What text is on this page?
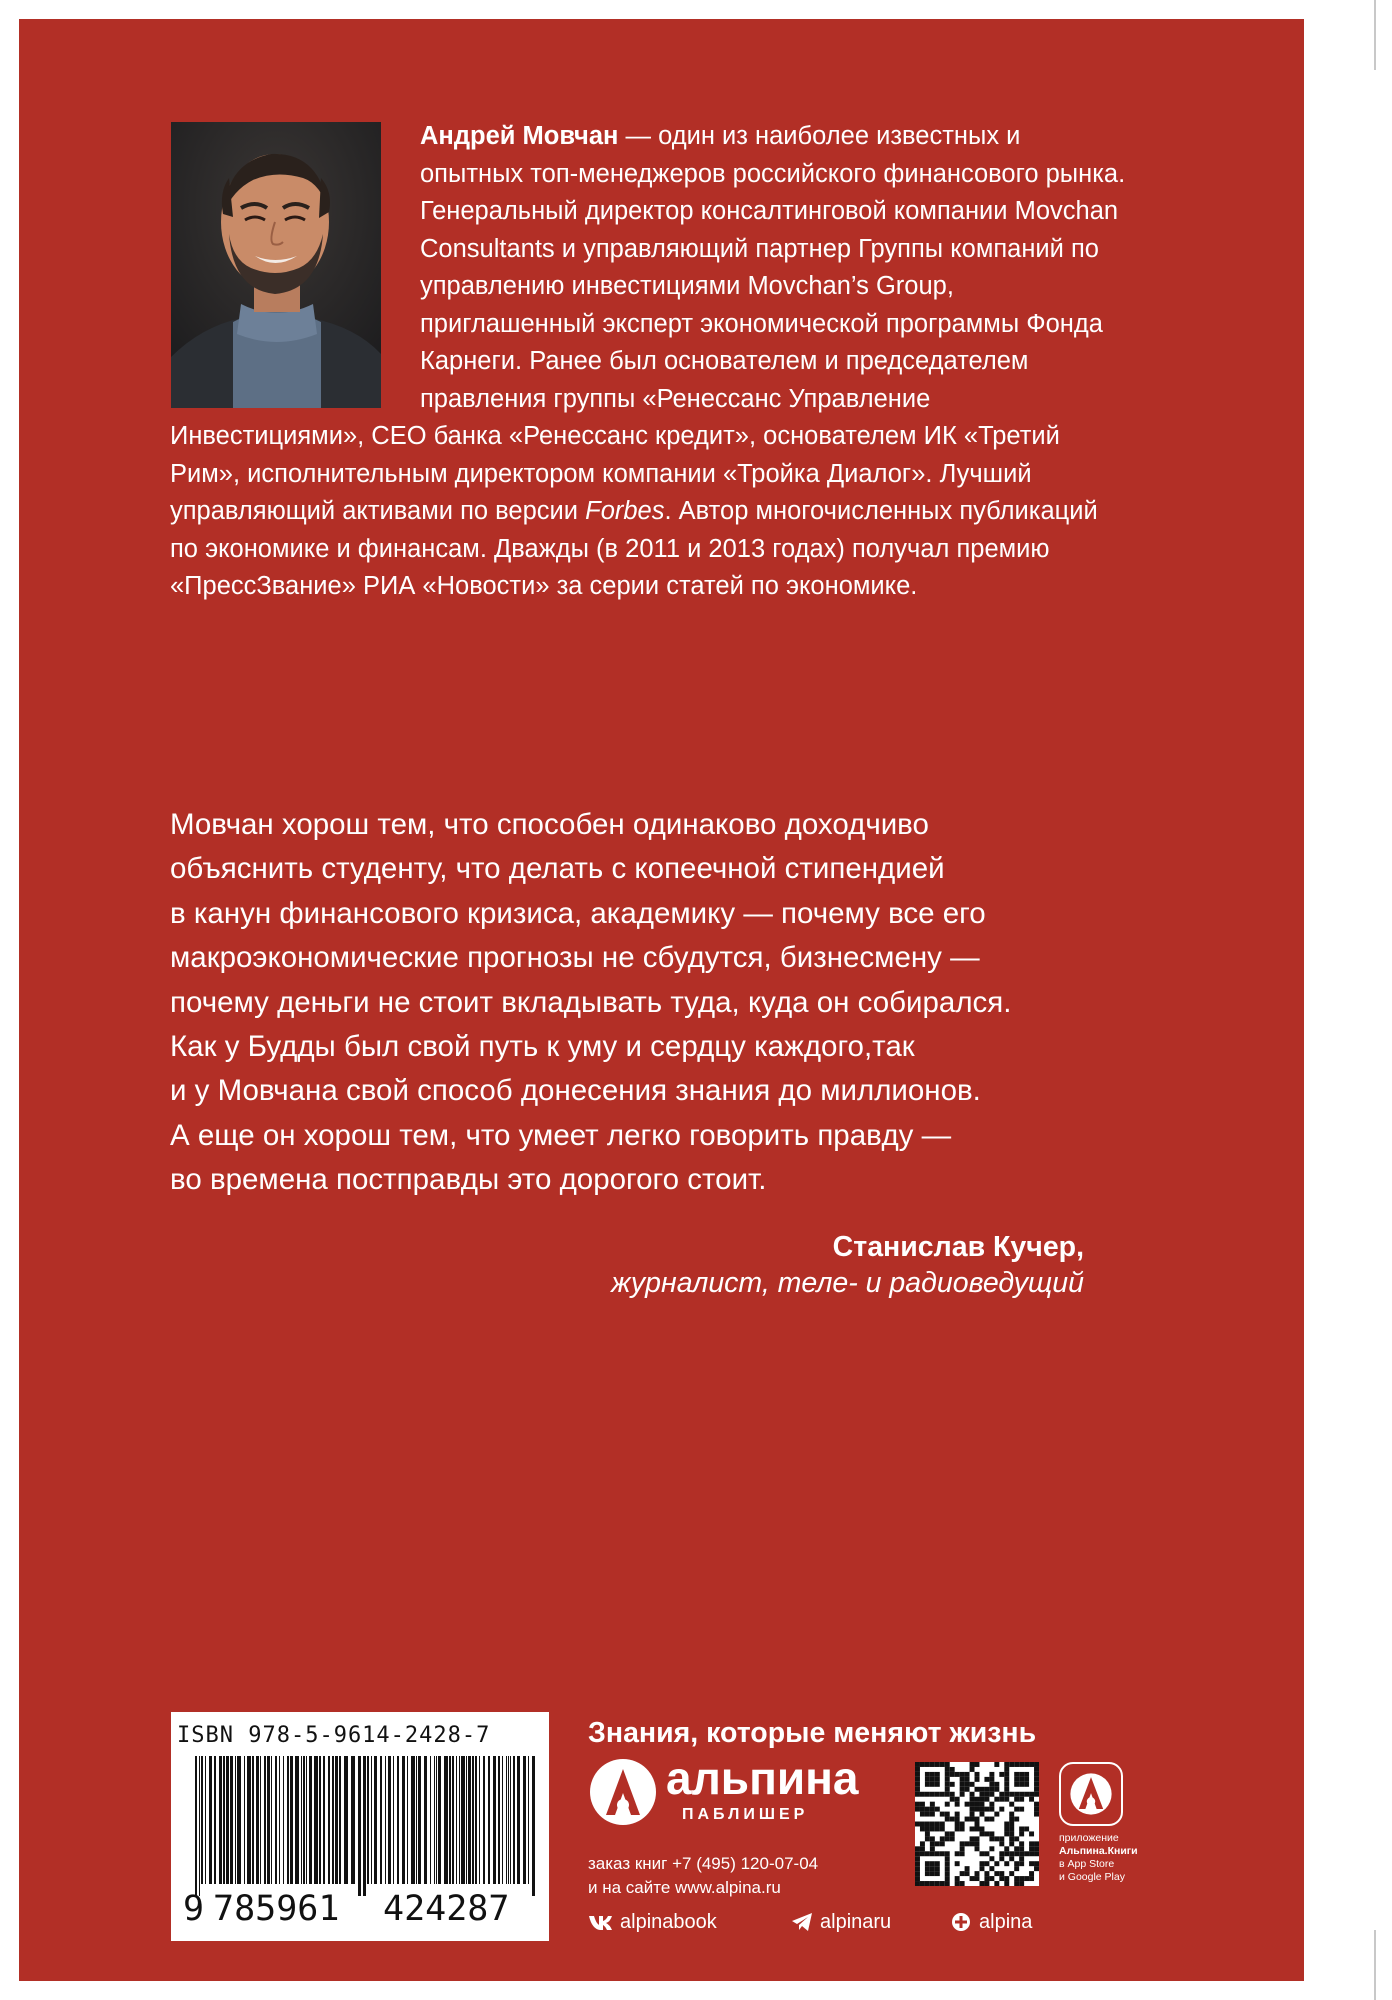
Андрей Мовчан — один из наиболее известных и опытных топ-менеджеров российского финансового рынка. Генеральный директор консалтинговой компании Movchan Consultants и управляющий партнер Группы компаний по управлению инвестициями Movchan’s Group, приглашенный эксперт экономической программы Фонда Карнеги. Ранее был основателем и председателем правления группы «Ренессанс Управление Инвестициями», CEO банка «Ренессанс кредит», основателем ИК «Третий Рим», исполнительным директором компании «Тройка Диалог». Лучший управляющий активами по версии Forbes. Автор многочисленных публикаций по экономике и финансам. Дважды (в 2011 и 2013 годах) получал премию «ПрессЗвание» РИА «Новости» за серии статей по экономике.

Мовчан хорош тем, что способен одинаково доходчиво
объяснить студенту, что делать с копеечной стипендией
в канун финансового кризиса, академику — почему все его
макроэкономические прогнозы не сбудутся, бизнесмену —
почему деньги не стоит вкладывать туда, куда он собирался.
Как у Будды был свой путь к уму и сердцу каждого,так
и у Мовчана свой способ донесения знания до миллионов.
А еще он хорош тем, что умеет легко говорить правду —
во времена постправды это дорогого стоит.

Станислав Кучер,
журналист, теле- и радиоведущий
ISBN 978-5-9614-2428-7
9 785961 424287
Знания, которые меняют жизнь
альпина
ПАБЛИШЕР
заказ книг +7 (495) 120-07-04
и на сайте www.alpina.ru
alpinabook	alpinaru	alpina
приложение
Альпина.Книги
в App Store
и Google Play
